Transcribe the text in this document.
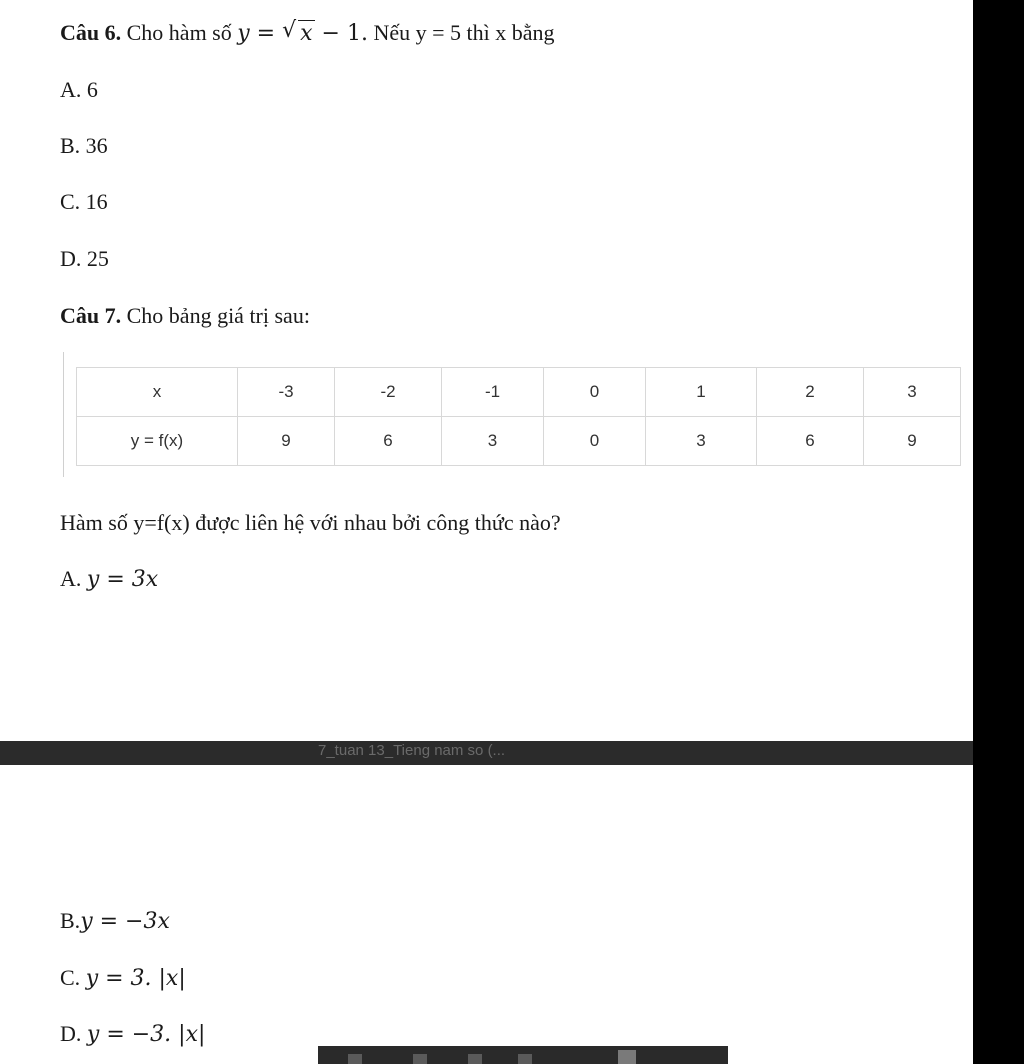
Câu 6. Cho hàm số y = √ x − 1. Nếu y = 5 thì x bằng
A. 6
B. 36
C. 16
D. 25
Câu 7. Cho bảng giá trị sau:
x	-3	-2	-1	0	1	2	3
y = f(x)	9	6	3	0	3	6	9
Hàm số y=f(x) được liên hệ với nhau bởi công thức nào?
A. y = 3x
B.y = −3x
C. y = 3. |x|
D. y = −3. |x|
7_tuan 13_Tieng nam so (...
